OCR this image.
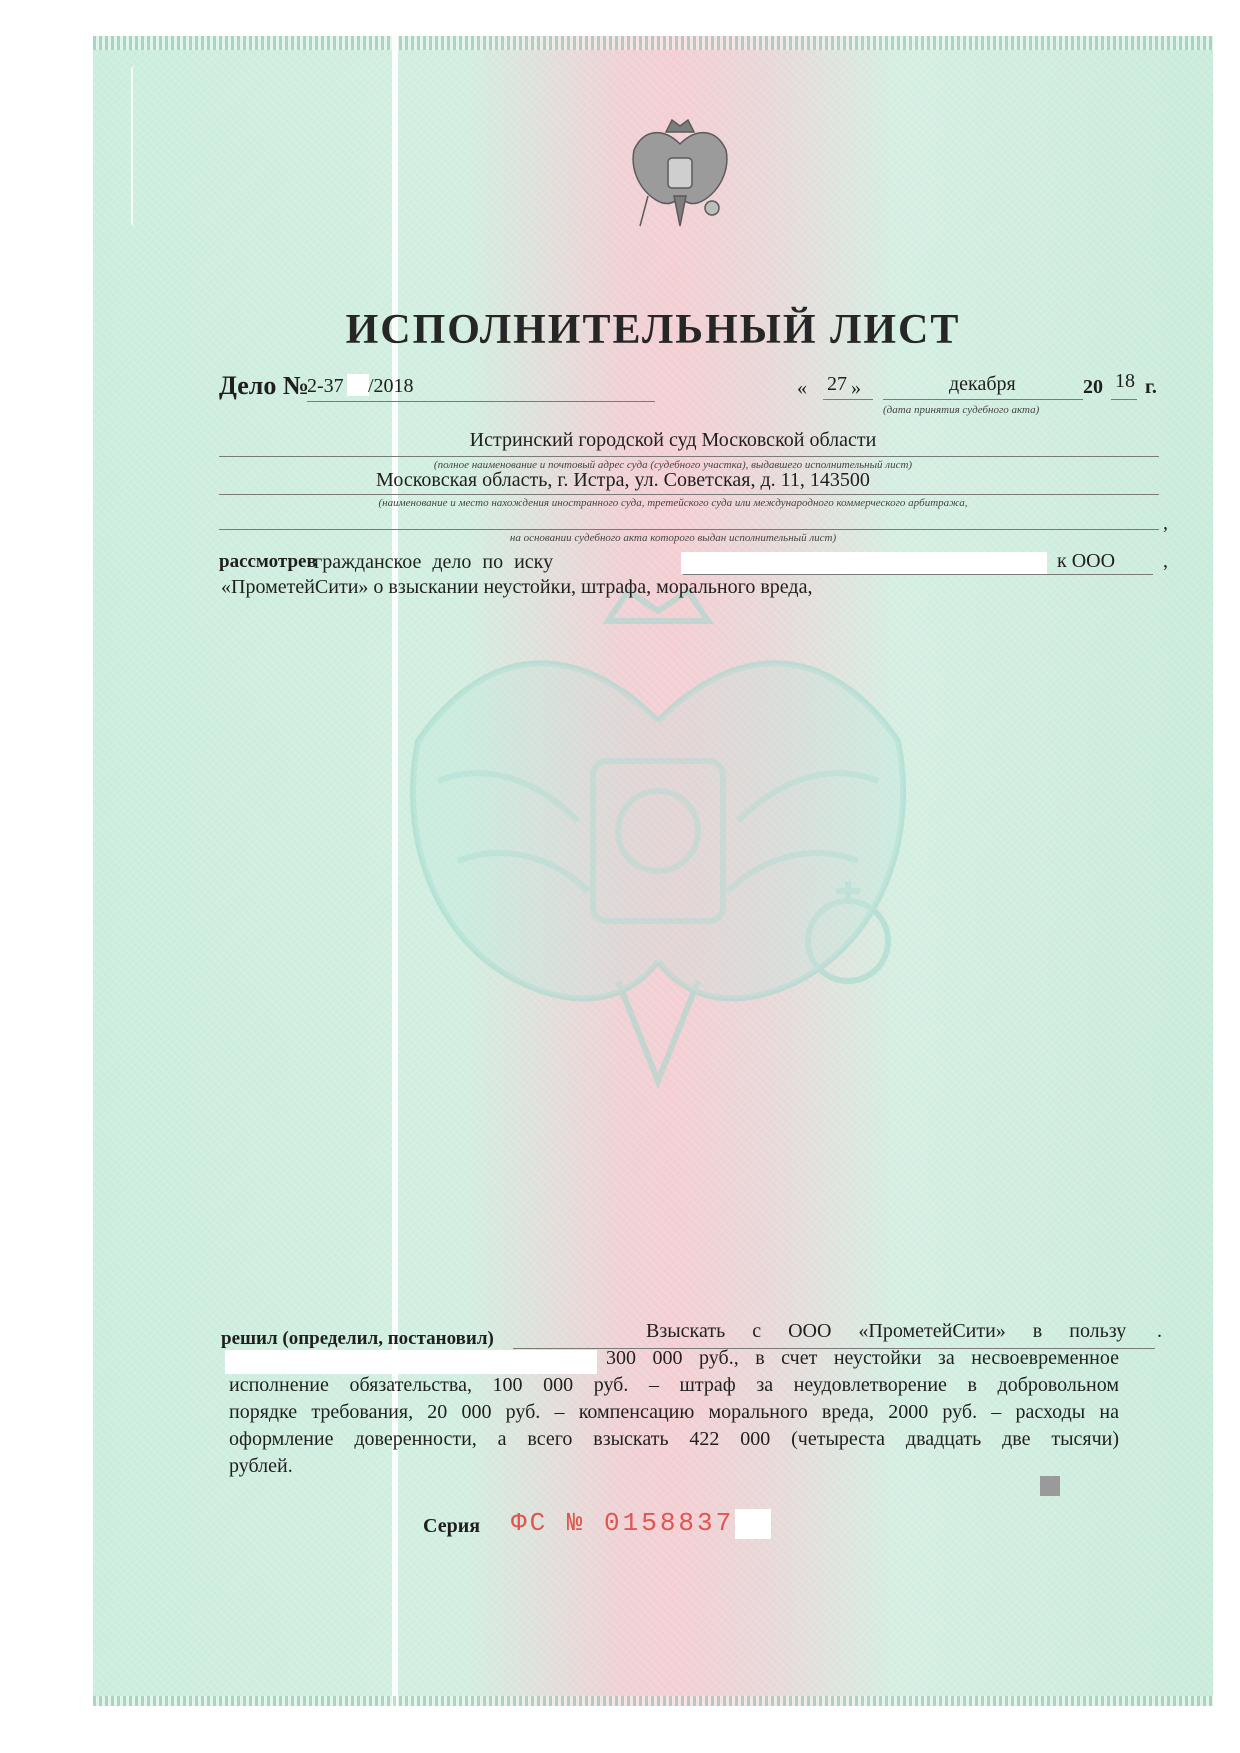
ИСПОЛНИТЕЛЬНЫЙ ЛИСТ
Дело №
2-37 /2018	« 27 »	декабря	20 18 г.
(дата принятия судебного акта)
Истринский городской суд Московской области
(полное наименование и почтовый адрес суда (судебного участка), выдавшего исполнительный лист)
Московская область, г. Истра, ул. Советская, д. 11, 143500
(наименование и место нахождения иностранного суда, третейского суда или международного коммерческого арбитража,
,
на основании судебного акта которого выдан исполнительный лист)
рассмотрев
гражданское дело по иску	к ООО ,
«ПрометейСити» о взыскании неустойки, штрафа, морального вреда,
решил (определил, постановил)	Взыскать с ООО «ПрометейСити» в пользу .
300 000 руб., в счет неустойки за несвоевременное
исполнение обязательства, 100 000 руб. – штраф за неудовлетворение в добровольном
порядке требования, 20 000 руб. – компенсацию морального вреда, 2000 руб. – расходы на
оформление доверенности, а всего взыскать 422 000 (четыреста двадцать две тысячи)
рублей.
Серия ФС № 0158837
